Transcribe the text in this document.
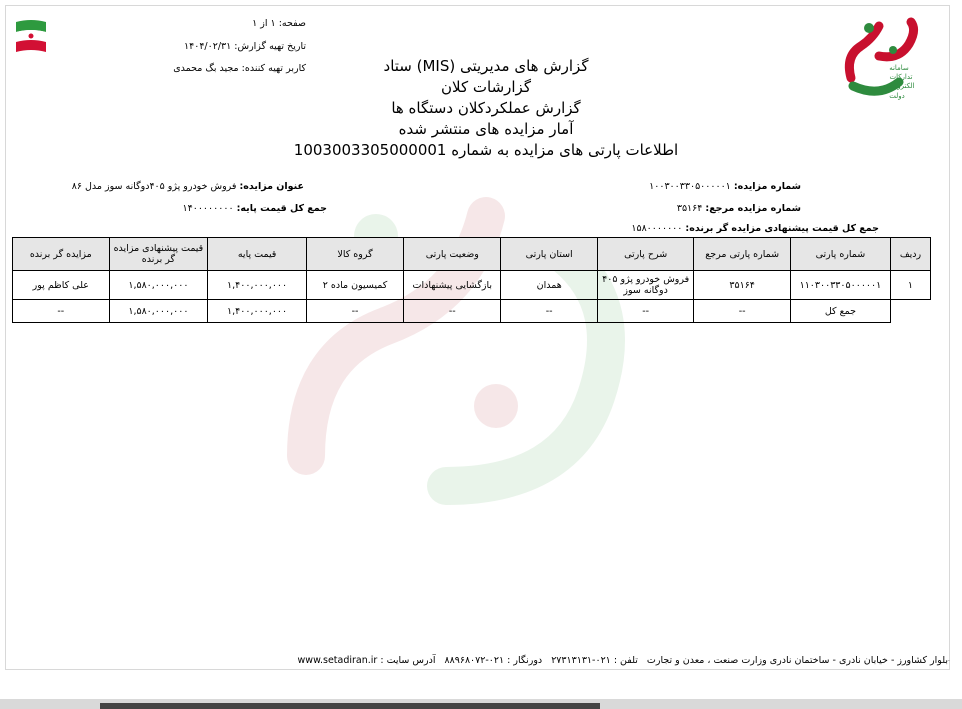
صفحه: ۱ از ۱
تاریخ تهیه گزارش: ۱۴۰۴/۰۲/۳۱
کاربر تهیه کننده: مجید بگ محمدی	سامانه
تدارکات
الکترونیکی
دولت
گزارش های مدیریتی (MIS) ستاد
گزارشات کلان
گزارش عملکردکلان دستگاه ها
آمار مزایده های منتشر شده
اطلاعات پارتی های مزایده به شماره 1003003305000001
شماره مزایده: ۱۰۰۳۰۰۳۳۰۵۰۰۰۰۰۱
عنوان مزایده: فروش خودرو پژو ۴۰۵دوگانه سوز مدل ۸۶
شماره مزایده مرجع: ۳۵۱۶۴
جمع کل قیمت پایه: ۱۴۰۰۰۰۰۰۰۰
جمع کل قیمت پیشنهادی مزایده گر برنده: ۱۵۸۰۰۰۰۰۰۰
ردیف	شماره پارتی	شماره پارتی مرجع	شرح پارتی	استان پارتی	وضعیت پارتی	گروه کالا	قیمت پایه	قیمت پیشنهادی مزایده گر برنده	مزایده گر برنده
۱	۱۱۰۳۰۰۳۳۰۵۰۰۰۰۰۱	۳۵۱۶۴	فروش خودرو پژو ۴۰۵ دوگانه سوز	همدان	بازگشایی پیشنهادات	کمیسیون ماده ۲	۱,۴۰۰,۰۰۰,۰۰۰	۱,۵۸۰,۰۰۰,۰۰۰	علی کاظم پور
	جمع کل	--	--	--	--	--	۱,۴۰۰,۰۰۰,۰۰۰	۱,۵۸۰,۰۰۰,۰۰۰	--
بلوار کشاورز - خیابان نادری - ساختمان نادری وزارت صنعت ، معدن و تجارت   تلفن : ۰۲۱-۲۷۳۱۳۱۳۱   دورنگار : ۰۲۱-۸۸۹۶۸۰۷۲   آدرس سایت : www.setadiran.ir
